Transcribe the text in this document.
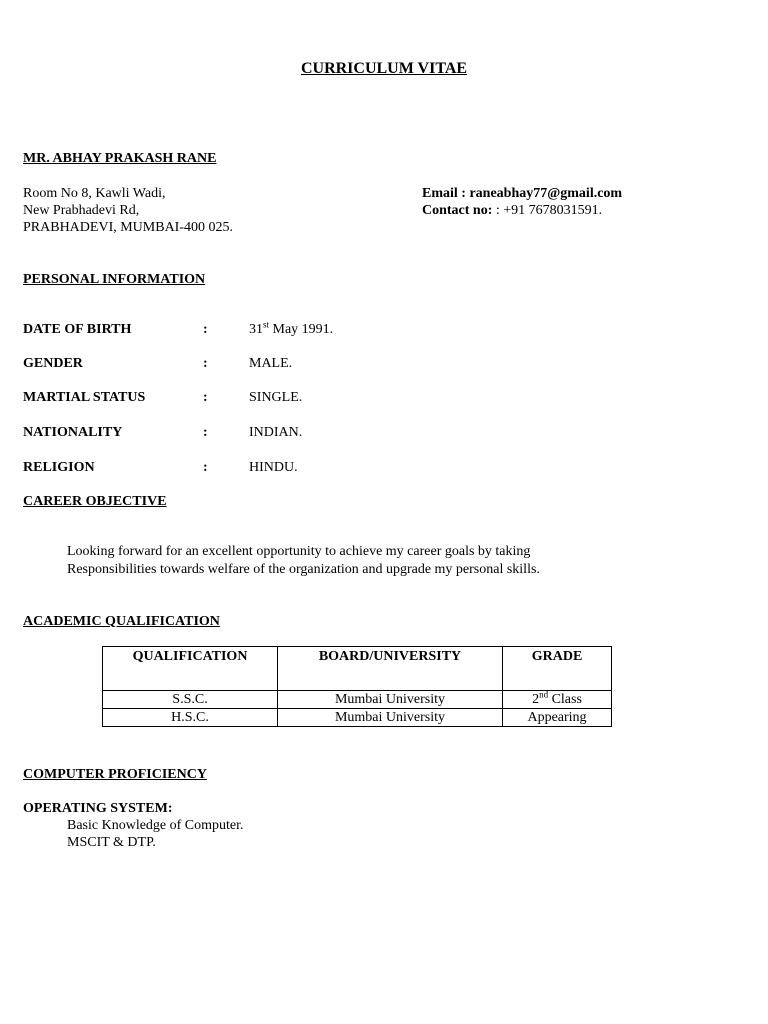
CURRICULUM VITAE
MR. ABHAY PRAKASH RANE
Room No 8, Kawli Wadi,
New Prabhadevi Rd,
PRABHADEVI, MUMBAI-400 025.
Email : raneabhay77@gmail.com
Contact no: : +91 7678031591.
PERSONAL INFORMATION
DATE OF BIRTH	:	31st May 1991.
GENDER	:	MALE.
MARTIAL STATUS	:	SINGLE.
NATIONALITY	:	INDIAN.
RELIGION	:	HINDU.
CAREER OBJECTIVE
Looking forward for an excellent opportunity to achieve my career goals by taking
Responsibilities towards welfare of the organization and upgrade my personal skills.
ACADEMIC QUALIFICATION
QUALIFICATION	BOARD/UNIVERSITY	GRADE
S.S.C.	Mumbai University	2nd Class
H.S.C.	Mumbai University	Appearing
COMPUTER PROFICIENCY
OPERATING SYSTEM:
Basic Knowledge of Computer.
MSCIT & DTP.
